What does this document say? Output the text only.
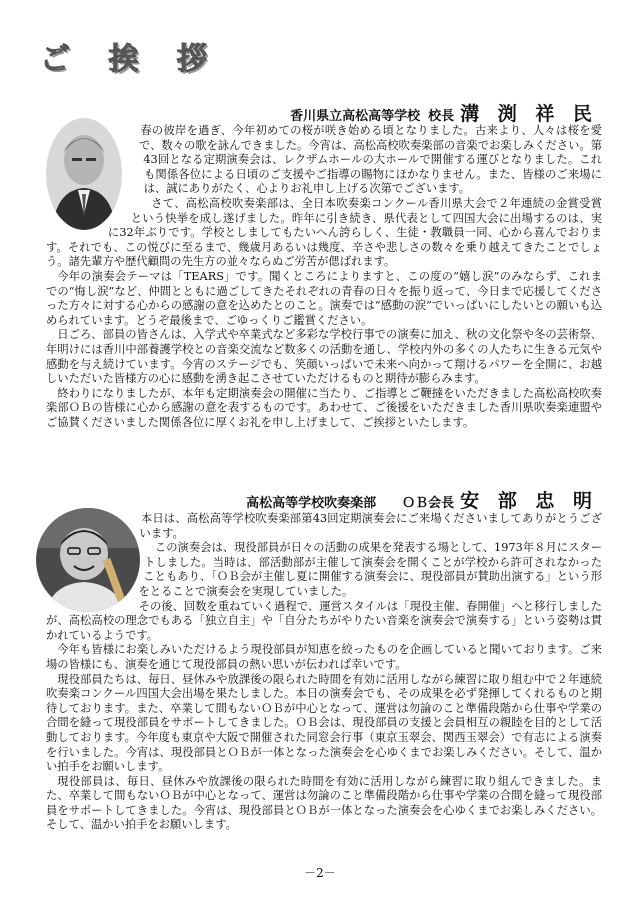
ご 挨 拶
香川県立高松高等学校 校長 溝 渕 祥 民

春の彼岸を過ぎ、今年初めての桜が咲き始める頃となりました。古来より、人々は桜を愛で、数々の歌を詠んできました。今宵は、高松高校吹奏楽部の音楽でお楽しみください。第43回となる定期演奏会は、レクザムホールの大ホールで開催する運びとなりました。これも関係各位による日頃のご支援やご指導の賜物にほかなりません。また、皆様のご来場には、誠にありがたく、心よりお礼申し上げる次第でございます。

さて、高松高校吹奏楽部は、全日本吹奏楽コンクール香川県大会で２年連続の金賞受賞という快挙を成し遂げました。昨年に引き続き、県代表として四国大会に出場するのは、実に32年ぶりです。学校としましてもたいへん誇らしく、生徒・教職員一同、心から喜んでおります。それでも、この悦びに至るまで、幾歳月あるいは幾度、辛さや悲しさの数々を乗り越えてきたことでしょう。諸先輩方や歴代顧問の先生方の並々ならぬご労苦が偲ばれます。

今年の演奏会テーマは「TEARS」です。聞くところによりますと、この度の“嬉し涙”のみならず、これまでの“悔し涙”など、仲間とともに過ごしてきたそれぞれの青春の日々を振り返って、今日まで応援してくださった方々に対する心からの感謝の意を込めたとのこと。演奏では“感動の涙”でいっぱいにしたいとの願いも込められています。どうぞ最後まで、ごゆっくりご鑑賞ください。

日ごろ、部員の皆さんは、入学式や卒業式など多彩な学校行事での演奏に加え、秋の文化祭や冬の芸術祭、年明けには香川中部養護学校との音楽交流など数多くの活動を通し、学校内外の多くの人たちに生きる元気や感動を与え続けています。今宵のステージでも、笑顔いっぱいで未来へ向かって翔けるパワーを全開に、お越しいただいた皆様方の心に感動を湧き起こさせていただけるものと期待が膨らみます。

終わりになりましたが、本年も定期演奏会の開催に当たり、ご指導とご鞭撻をいただきました高松高校吹奏楽部ＯＢの皆様に心から感謝の意を表するものです。あわせて、ご後援をいただきました香川県吹奏楽連盟やご協賛くださいました関係各位に厚くお礼を申し上げまして、ご挨拶といたします。

高松高等学校吹奏楽部 ＯＢ会長 安 部 忠 明

本日は、高松高等学校吹奏楽部第43回定期演奏会にご来場くださいましてありがとうございます。

この演奏会は、現役部員が日々の活動の成果を発表する場として、1973年８月にスタートしました。当時は、部活動部が主催して演奏会を開くことが学校から許可されなかったこともあり、「ＯＢ会が主催し夏に開催する演奏会に、現役部員が賛助出演する」という形をとることで演奏会を実現していました。

その後、回数を重ねていく過程で、運営スタイルは「現役主催、春開催」へと移行しましたが、高松高校の理念でもある「独立自主」や「自分たちがやりたい音楽を演奏会で演奏する」という姿勢は貫かれているようです。

今年も皆様にお楽しみいただけるよう現役部員が知恵を絞ったものを企画していると聞いております。ご来場の皆様にも、演奏を通じて現役部員の熱い思いが伝われば幸いです。

現役部員たちは、毎日、昼休みや放課後の限られた時間を有効に活用しながら練習に取り組む中で２年連続吹奏楽コンクール四国大会出場を果たしました。本日の演奏会でも、その成果を必ず発揮してくれるものと期待しております。また、卒業して間もないＯＢが中心となって、運営は勿論のこと準備段階から仕事や学業の合間を縫って現役部員をサポートしてきました。ＯＢ会は、現役部員の支援と会員相互の親睦を目的として活動しております。今年度も東京や大阪で開催された同窓会行事（東京玉翠会、関西玉翠会）で有志による演奏を行いました。今宵は、現役部員とＯＢが一体となった演奏会を心ゆくまでお楽しみください。そして、温かい拍手をお願いします。

現役部員は、毎日、昼休みや放課後の限られた時間を有効に活用しながら練習に取り組んできました。また、卒業して間もないＯＢが中心となって、運営は勿論のこと準備段階から仕事や学業の合間を縫って現役部員をサポートしてきました。今宵は、現役部員とＯＢが一体となった演奏会を心ゆくまでお楽しみください。そして、温かい拍手をお願いします。

－2－
